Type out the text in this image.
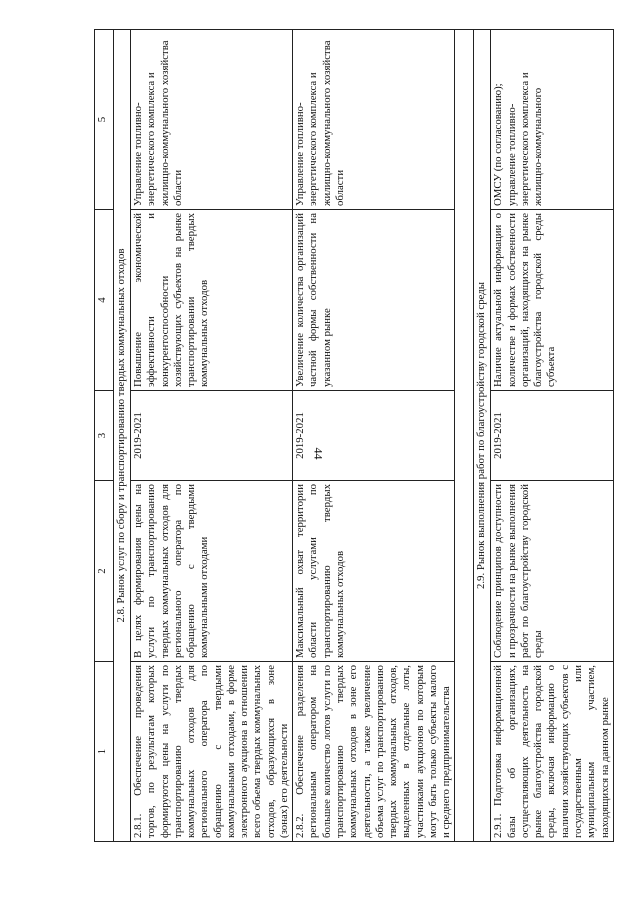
44
1	2	3	4	5
2.8. Рынок услуг по сбору и транспортированию твердых коммунальных отходов				
2.8.1. Обеспечение проведения торгов, по результатам которых формируются цены на услуги по транспортированию твердых коммунальных отходов для регионального оператора по обращению с твердыми коммунальными отходами, в форме электронного аукциона в отношении всего объема твердых коммунальных отходов, образующихся в зоне (зонах) его деятельности	В целях формирования цены на услуги по транспортированию твердых коммунальных отходов для регионального оператора по обращению с твердыми коммунальными отходами	2019-2021	Повышение экономической эффективности и конкурентоспособности хозяйствующих субъектов на рынке транспортировании твердых коммунальных отходов	Управление топливно-энергетического комплекса и жилищно-коммунального хозяйства области
2.8.2. Обеспечение разделения региональным оператором на большее количество лотов услуги по транспортированию твердых коммунальных отходов в зоне его деятельности, а также увеличение объема услуг по транспортированию твердых коммунальных отходов, выделенных в отдельные лоты, участниками аукционов по которым могут быть только субъекты малого и среднего предпринимательства	Максимальный охват территории области услугами по транспортированию твердых коммунальных отходов	2019-2021	Увеличение количества организаций частной формы собственности на указанном рынке	Управление топливно-энергетического комплекса и жилищно-коммунального хозяйства области

2.9. Рынок выполнения работ по благоустройству городской среды				
2.9.1. Подготовка информационной базы об организациях, осуществляющих деятельность на рынке благоустройства городской среды, включая информацию о наличии хозяйствующих субъектов с государственным или муниципальным участием, находящихся на данном рынке	Соблюдение принципов доступности и прозрачности на рынке выполнения работ по благоустройству городской среды	2019-2021	Наличие актуальной информации о количестве и формах собственности организаций, находящихся на рынке благоустройства городской среды субъекта	ОМСУ (по согласованию); управление топливно-энергетического комплекса и жилищно-коммунального
